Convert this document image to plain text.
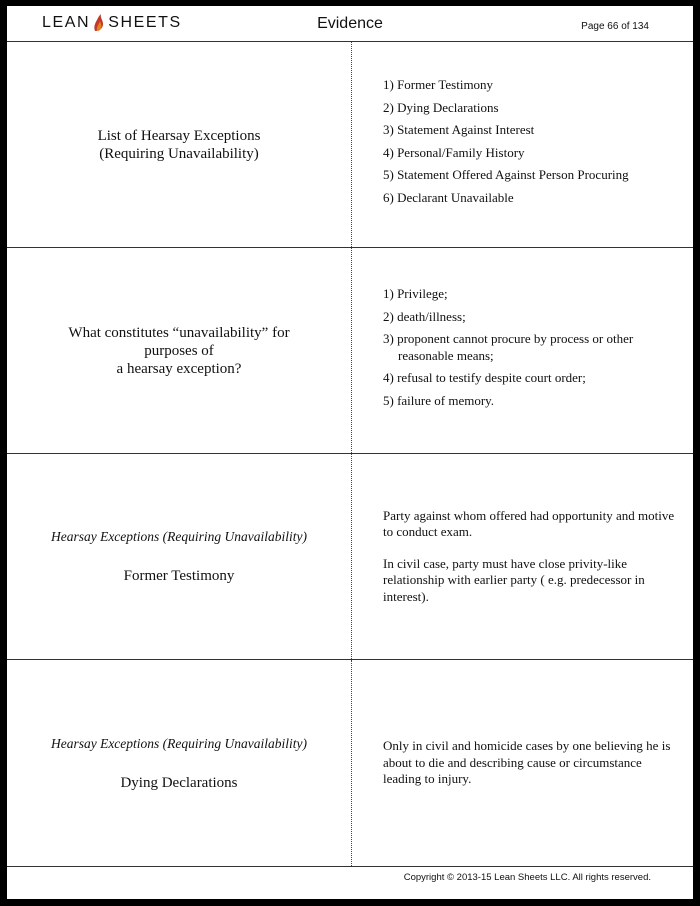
LEAN SHEETS	Evidence	Page 66 of 134
List of Hearsay Exceptions
(Requiring Unavailability)
1) Former Testimony
2) Dying Declarations
3) Statement Against Interest
4) Personal/Family History
5) Statement Offered Against Person Procuring
6) Declarant Unavailable
What constitutes “unavailability” for
purposes of
a hearsay exception?
1) Privilege;
2) death/illness;
3) proponent cannot procure by process or other reasonable means;
4) refusal to testify despite court order;
5) failure of memory.
Hearsay Exceptions (Requiring Unavailability)
Former Testimony

Party against whom offered had opportunity and motive to conduct exam.

In civil case, party must have close privity-like relationship with earlier party ( e.g. predecessor in interest).

Hearsay Exceptions (Requiring Unavailability)
Dying Declarations

Only in civil and homicide cases by one believing he is about to die and describing cause or circumstance leading to injury.

Copyright © 2013-15 Lean Sheets LLC. All rights reserved.
